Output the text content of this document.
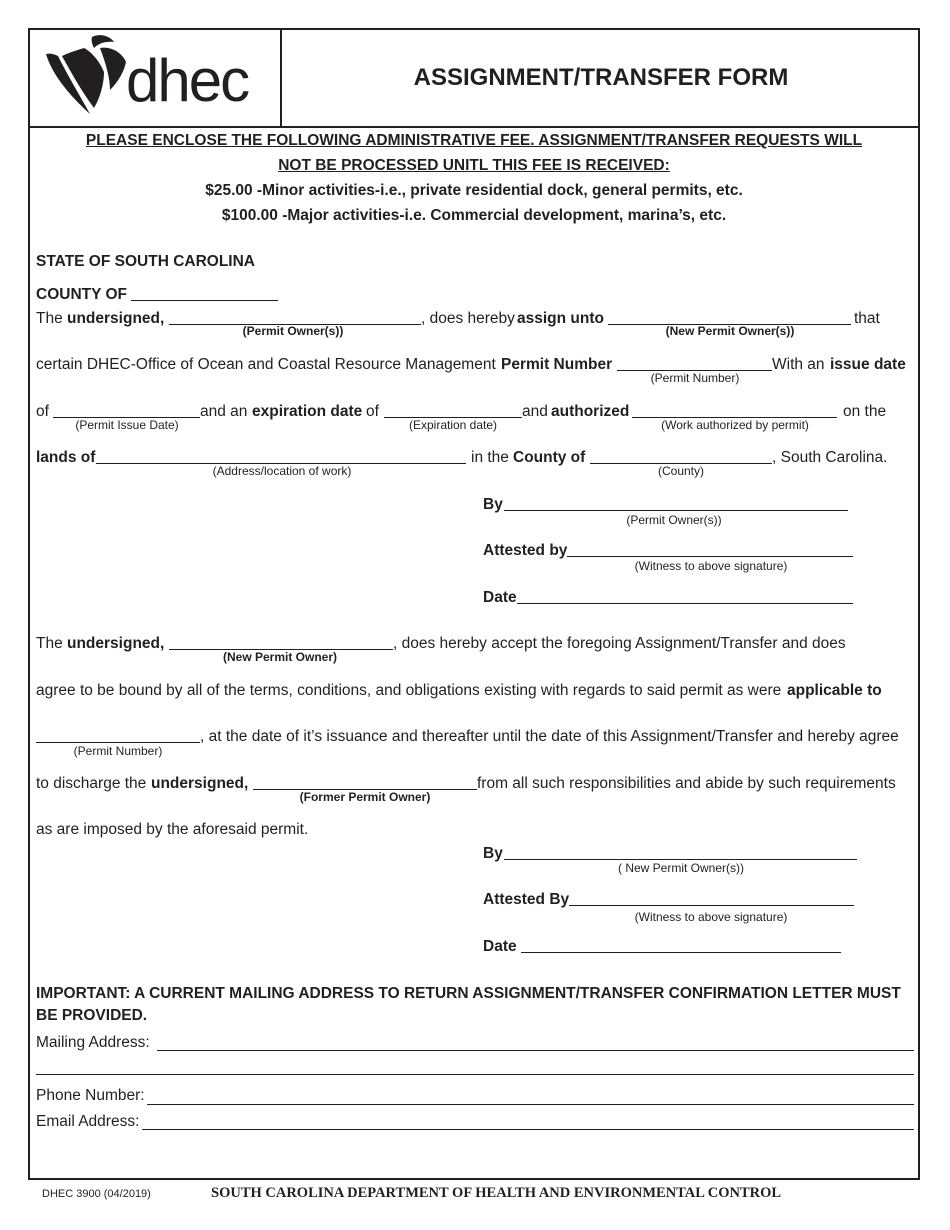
dhec	ASSIGNMENT/TRANSFER FORM
PLEASE ENCLOSE THE FOLLOWING ADMINISTRATIVE FEE. ASSIGNMENT/TRANSFER REQUESTS WILL
NOT BE PROCESSED UNITL THIS FEE IS RECEIVED:
$25.00 -Minor activities-i.e., private residential dock, general permits, etc.
$100.00 -Major activities-i.e. Commercial development, marina’s, etc.
STATE OF SOUTH CAROLINA
COUNTY OF
The undersigned,	, does hereby assign unto	that
(Permit Owner(s))	(New Permit Owner(s))
certain DHEC-Office of Ocean and Coastal Resource Management Permit Number	With an issue date
(Permit Number)
of	and an expiration date of	and authorized	on the
(Permit Issue Date)	(Expiration date)	(Work authorized by permit)
lands of	in the County of	, South Carolina.
(Address/location of work)	(County)
By
(Permit Owner(s))
Attested by
(Witness to above signature)
Date
The undersigned,	, does hereby accept the foregoing Assignment/Transfer and does
(New Permit Owner)
agree to be bound by all of the terms, conditions, and obligations existing with regards to said permit as were applicable to
(Permit Number)
, at the date of it’s issuance and thereafter until the date of this Assignment/Transfer and hereby agree
to discharge the undersigned,	from all such responsibilities and abide by such requirements
(Former Permit Owner)
as are imposed by the aforesaid permit.
By
( New Permit Owner(s))
Attested By
(Witness to above signature)
Date
IMPORTANT: A CURRENT MAILING ADDRESS TO RETURN ASSIGNMENT/TRANSFER CONFIRMATION LETTER MUST
BE PROVIDED.
Mailing Address:
Phone Number:
Email Address:
DHEC 3900 (04/2019)	SOUTH CAROLINA DEPARTMENT OF HEALTH AND ENVIRONMENTAL CONTROL
